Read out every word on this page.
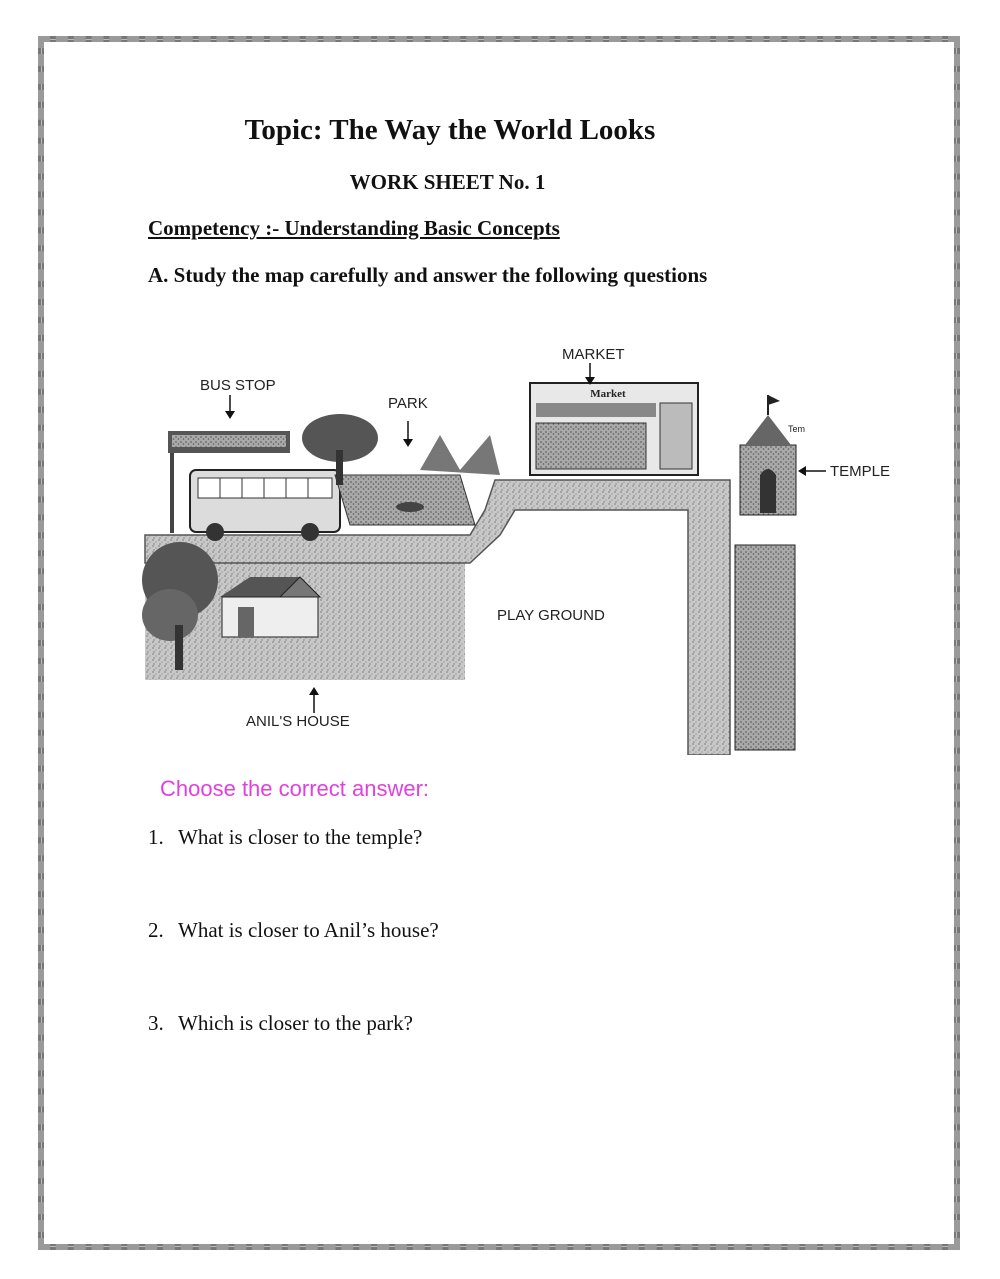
Topic: The Way the World Looks
WORK SHEET No. 1
Competency :- Understanding Basic Concepts
A. Study the map carefully and answer the following questions
Market
Tem
MARKET
BUS STOP
PARK
TEMPLE
PLAY GROUND
ANIL'S HOUSE
Choose the correct answer:
1. What is closer to the temple?
2. What is closer to Anil’s house?
3. Which is closer to the park?
